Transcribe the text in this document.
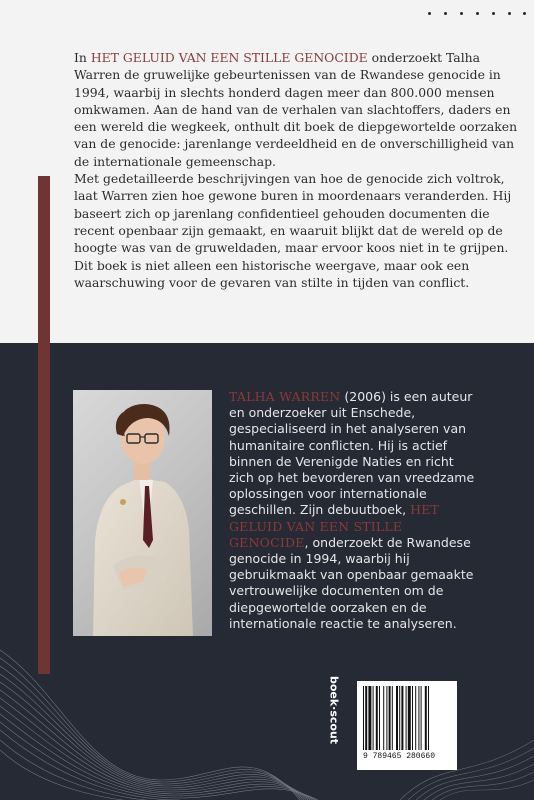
In HET GELUID VAN EEN STILLE GENOCIDE onderzoekt Talha Warren de gruwelijke gebeurtenissen van de Rwandese genocide in 1994, waarbij in slechts honderd dagen meer dan 800.000 mensen omkwamen. Aan de hand van de verhalen van slachtoffers, daders en een wereld die wegkeek, onthult dit boek de diepgewortelde oorzaken van de genocide: jarenlange verdeeldheid en de onverschilligheid van de internationale gemeenschap.

Met gedetailleerde beschrijvingen van hoe de genocide zich voltrok, laat Warren zien hoe gewone buren in moordenaars veranderden. Hij baseert zich op jarenlang confidentieel gehouden documenten die recent openbaar zijn gemaakt, en waaruit blijkt dat de wereld op de hoogte was van de gruweldaden, maar ervoor koos niet in te grijpen. Dit boek is niet alleen een historische weergave, maar ook een waarschuwing voor de gevaren van stilte in tijden van conflict.

TALHA WARREN (2006) is een auteur en onderzoeker uit Enschede, gespecialiseerd in het analyseren van humanitaire conflicten. Hij is actief binnen de Verenigde Naties en richt zich op het bevorderen van vreedzame oplossingen voor internationale geschillen. Zijn debuutboek, HET GELUID VAN EEN STILLE GENOCIDE, onderzoekt de Rwandese genocide in 1994, waarbij hij gebruikmaakt van openbaar gemaakte vertrouwelijke documenten om de diepgewortelde oorzaken en de internationale reactie te analyseren.

boek·scout
9 789465 280660
